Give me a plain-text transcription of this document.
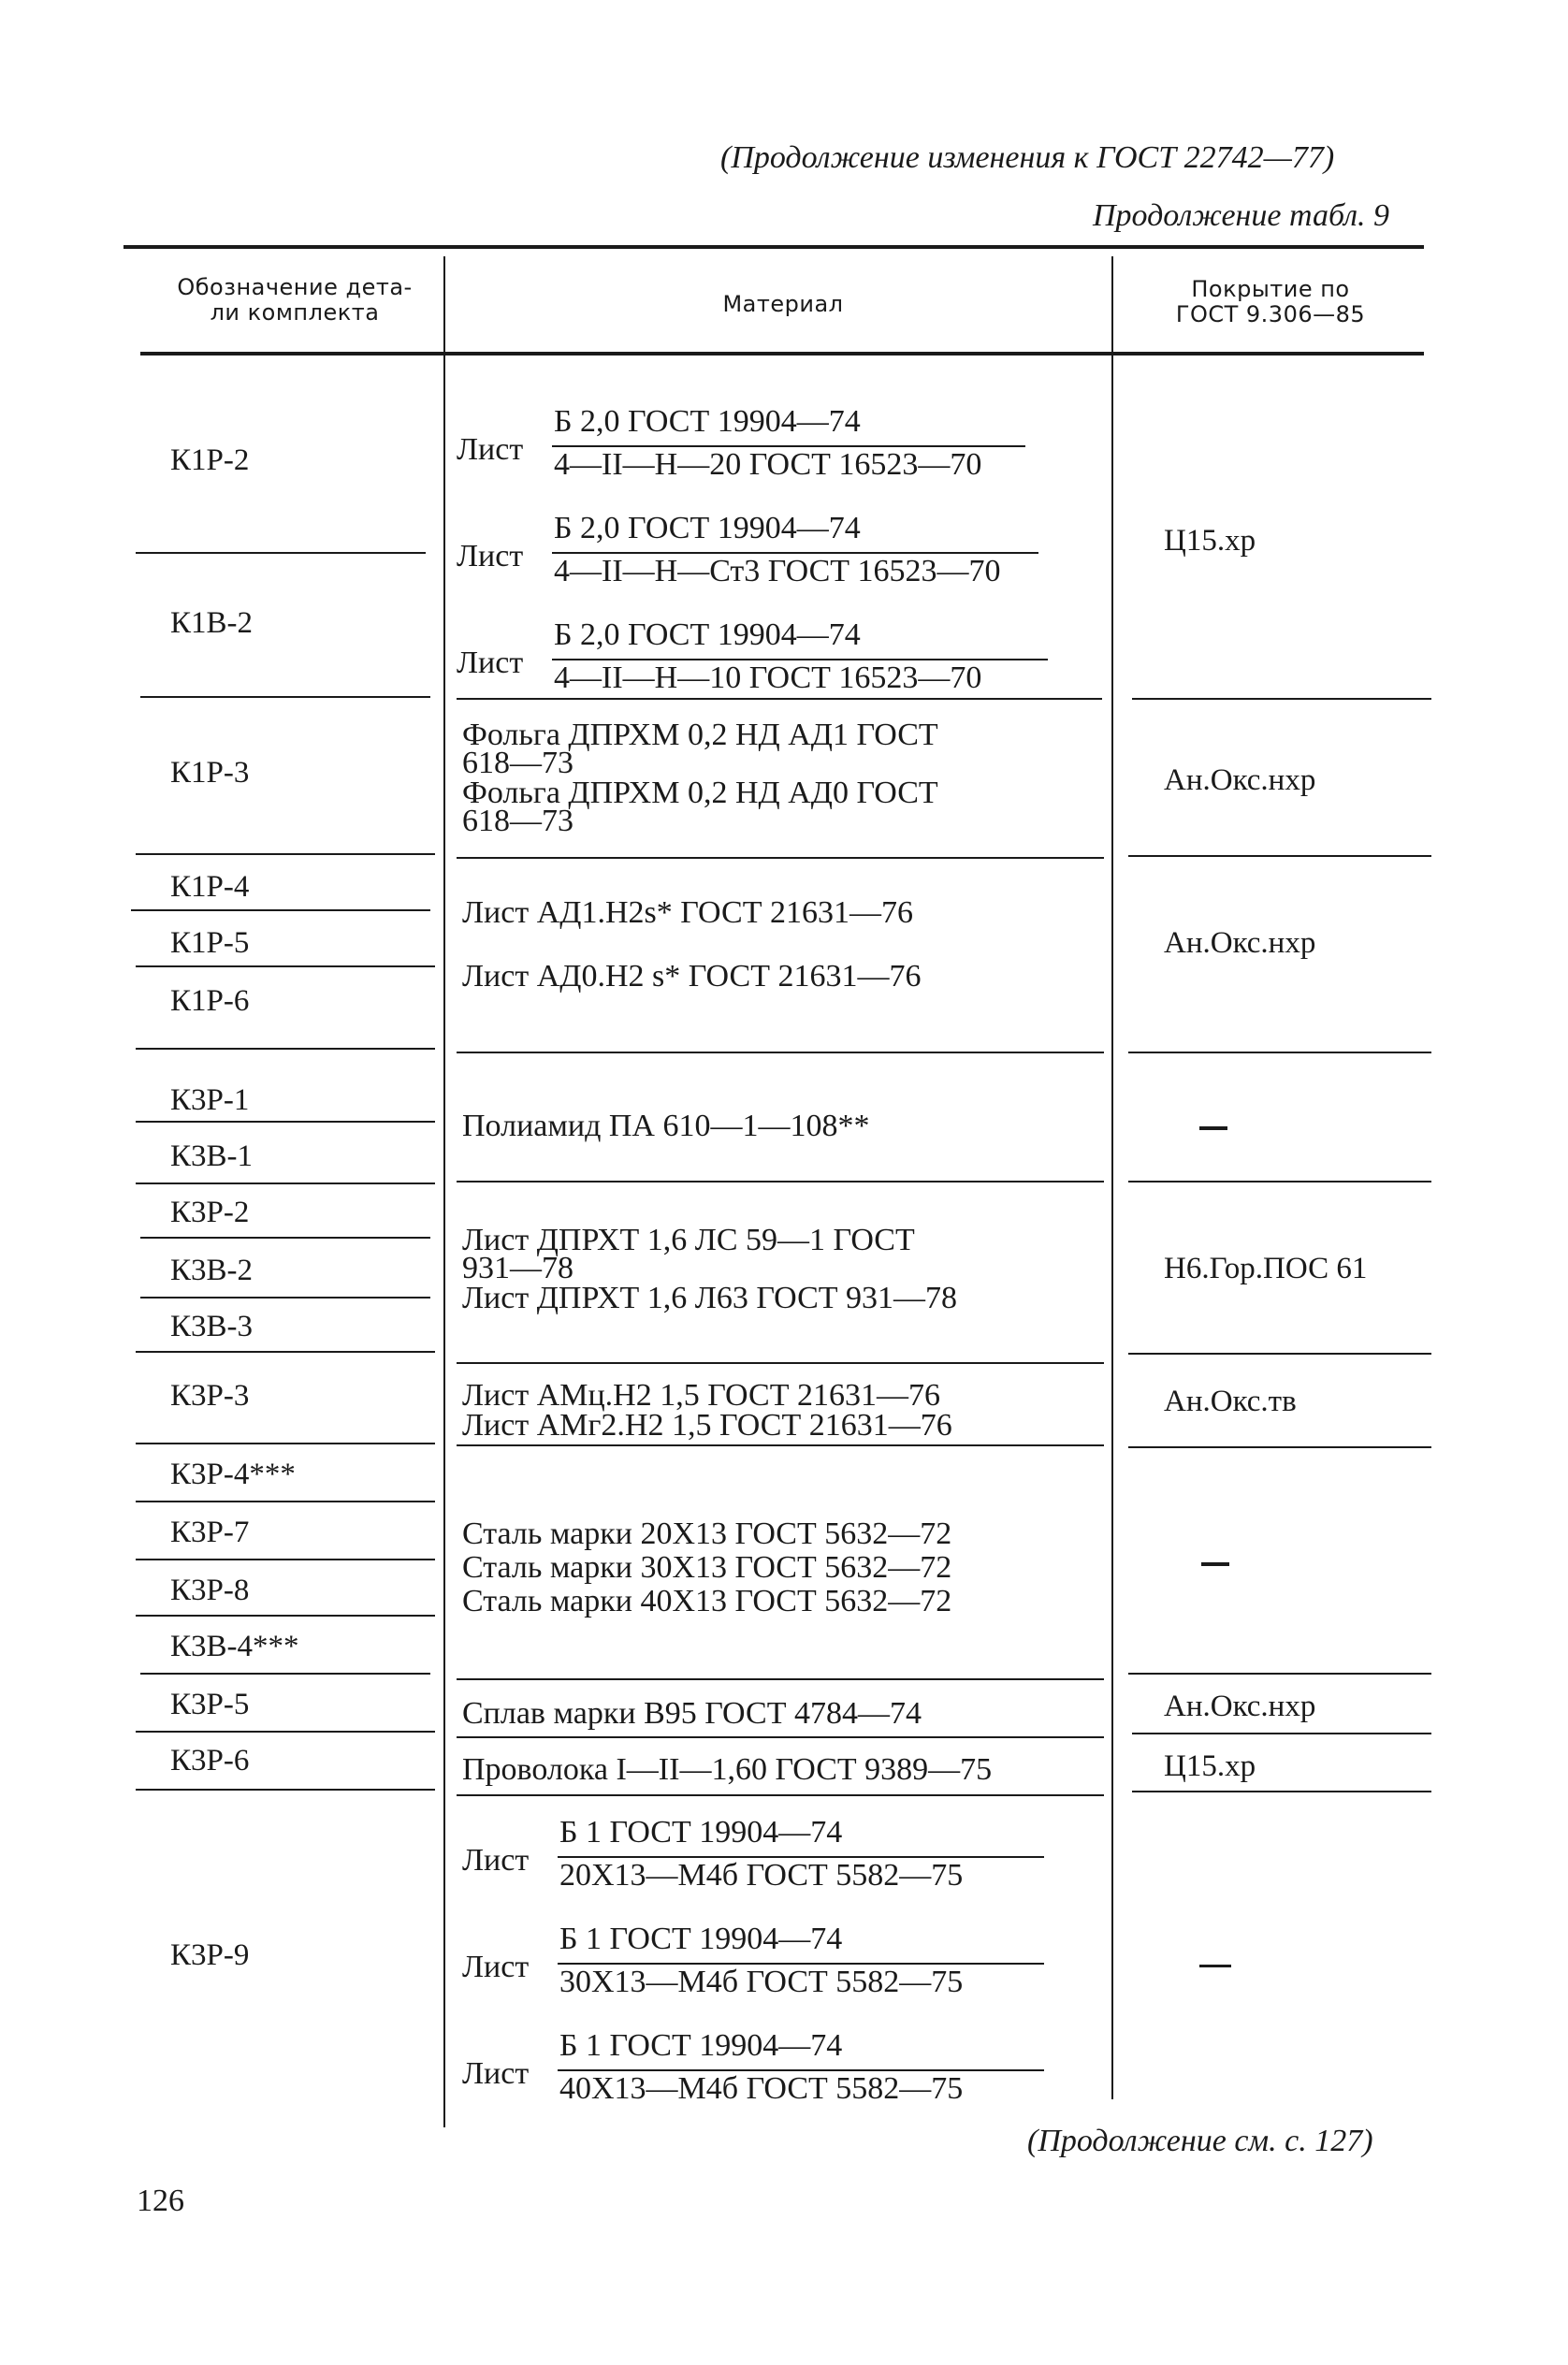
(Продолжение изменения к ГОСТ 22742—77)
Продолжение табл. 9
Обозначение дета-
ли комплекта	Материал
Покрытие по
ГОСТ 9.306—85
К1Р-2
К1В-2
К1Р-3
К1Р-4
К1Р-5
К1Р-6
К3Р-1
К3В-1
К3Р-2
К3В-2
К3В-3
К3Р-3
К3Р-4***
К3Р-7
К3Р-8
К3В-4***
К3Р-5
К3Р-6
К3Р-9
Лист
Б 2,0 ГОСТ 19904—74
4—II—Н—20 ГОСТ 16523—70
Лист
Б 2,0 ГОСТ 19904—74
4—II—Н—Ст3 ГОСТ 16523—70
Лист
Б 2,0 ГОСТ 19904—74
4—II—Н—10 ГОСТ 16523—70
Фольга ДПРХМ 0,2 НД АД1 ГОСТ
618—73
Фольга ДПРХМ 0,2 НД АД0 ГОСТ
618—73
Лист АД1.Н2s* ГОСТ 21631—76
Лист АД0.Н2 s* ГОСТ 21631—76
Полиамид ПА 610—1—108**
Лист ДПРХТ 1,6 ЛС 59—1 ГОСТ
931—78
Лист ДПРХТ 1,6 Л63 ГОСТ 931—78
Лист АМц.Н2 1,5 ГОСТ 21631—76
Лист АМг2.Н2 1,5 ГОСТ 21631—76
Сталь марки 20Х13 ГОСТ 5632—72
Сталь марки 30Х13 ГОСТ 5632—72
Сталь марки 40Х13 ГОСТ 5632—72
Сплав марки В95 ГОСТ 4784—74
Проволока I—II—1,60 ГОСТ 9389—75
Лист
Б 1 ГОСТ 19904—74
20Х13—М4б ГОСТ 5582—75
Лист
Б 1 ГОСТ 19904—74
30Х13—М4б ГОСТ 5582—75
Лист
Б 1 ГОСТ 19904—74
40Х13—М4б ГОСТ 5582—75
Ц15.хр
Ан.Окс.нхр
Ан.Окс.нхр
Н6.Гор.ПОС 61
Ан.Окс.тв
Ан.Окс.нхр
Ц15.хр
(Продолжение см. с. 127)
126
